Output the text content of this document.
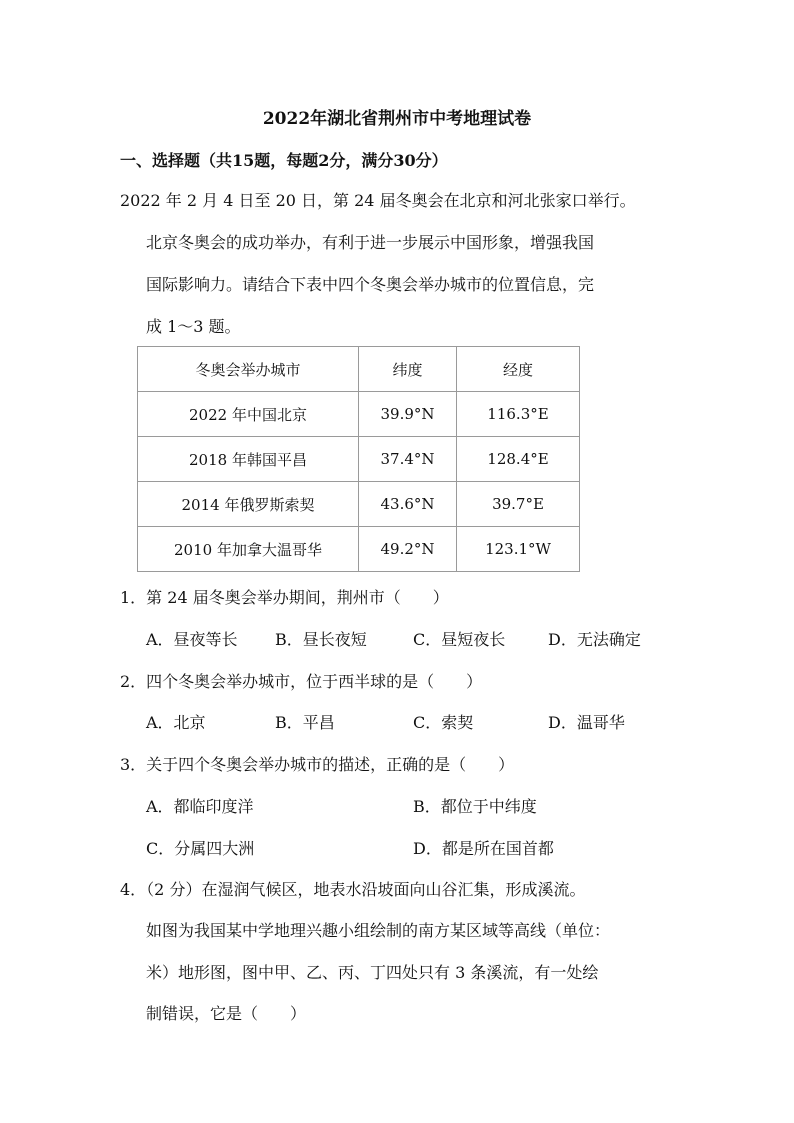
2022年湖北省荆州市中考地理试卷
一、选择题（共15题，每题2分，满分30分）
2022 年 2 月 4 日至 20 日，第 24 届冬奥会在北京和河北张家口举行。
北京冬奥会的成功举办，有利于进一步展示中国形象，增强我国
国际影响力。请结合下表中四个冬奥会举办城市的位置信息，完
成 1～3 题。
冬奥会举办城市	纬度	经度
2022 年中国北京	39.9°N	116.3°E
2018 年韩国平昌	37.4°N	128.4°E
2014 年俄罗斯索契	43.6°N	39.7°E
2010 年加拿大温哥华	49.2°N	123.1°W
1．第 24 届冬奥会举办期间，荆州市（　　）
A．昼夜等长 B．昼长夜短	C．昼短夜长	D．无法确定
2．四个冬奥会举办城市，位于西半球的是（　　）
A．北京	B．平昌	C．索契	D．温哥华
3．关于四个冬奥会举办城市的描述，正确的是（　　）
A．都临印度洋	B．都位于中纬度
C．分属四大洲	D．都是所在国首都
4．（2 分）在湿润气候区，地表水沿坡面向山谷汇集，形成溪流。
如图为我国某中学地理兴趣小组绘制的南方某区域等高线（单位：
米）地形图，图中甲、乙、丙、丁四处只有 3 条溪流，有一处绘
制错误，它是（　　）
